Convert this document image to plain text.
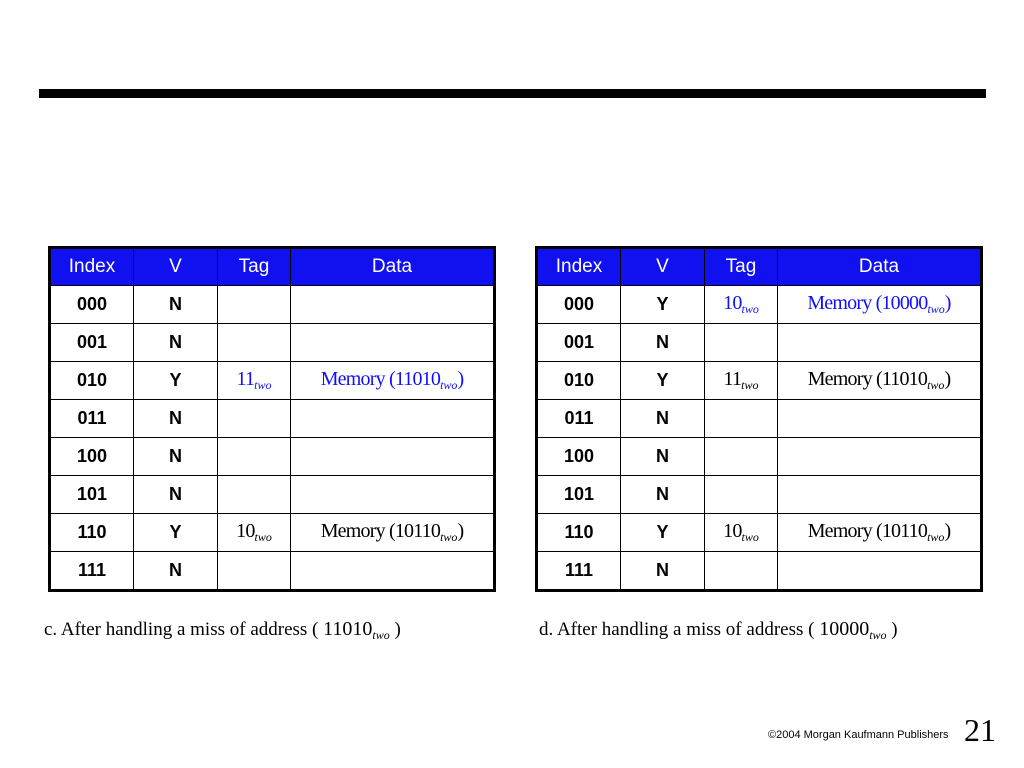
Index	V	Tag	Data
000	N		
001	N		
010	Y	$11_{two}$	Memory $(11010_{two})$
011	N		
100	N		
101	N		
110	Y	$10_{two}$	Memory $(10110_{two})$
111	N		
Index	V	Tag	Data
000	Y	$10_{two}$	Memory $(10000_{two})$
001	N		
010	Y	$11_{two}$	Memory $(11010_{two})$
011	N		
100	N		
101	N		
110	Y	$10_{two}$	Memory $(10110_{two})$
111	N		
c. After handling a miss of address ( $11010_{two}$ )	d. After handling a miss of address ( $10000_{two}$ )
©2004 Morgan Kaufmann Publishers 21
